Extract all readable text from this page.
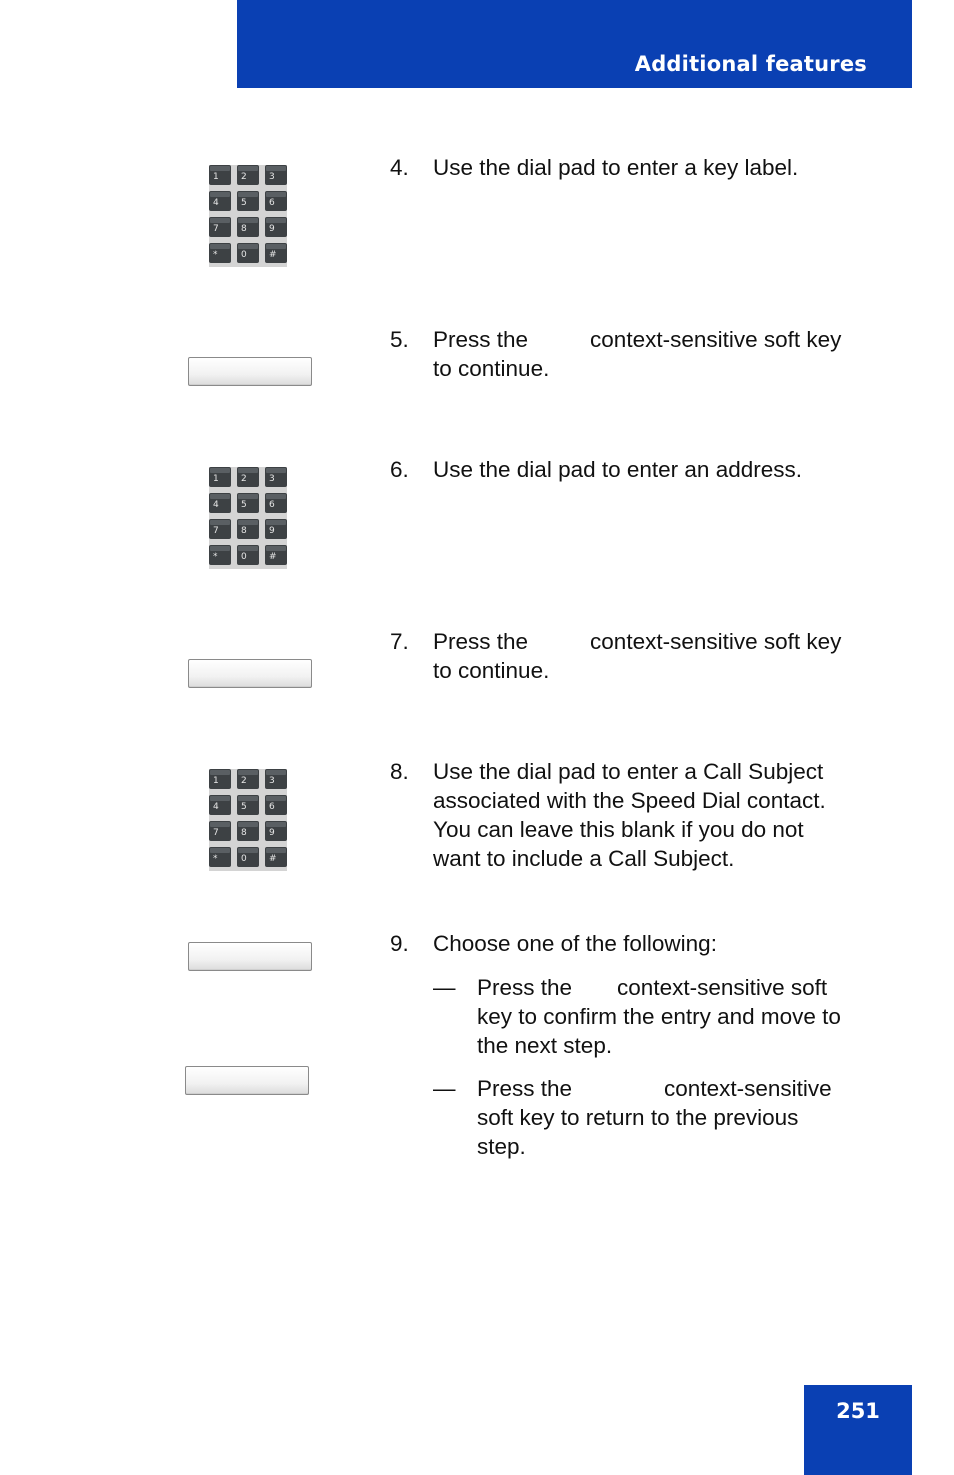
Additional features
1 2 3
4 5 6
7 8 9
*	0 #
4. Use the dial pad to enter a key label.
5. Press the	context-sensitive soft key
to continue.
1 2 3
4 5 6
7 8 9
*	0 #
6. Use the dial pad to enter an address.
7. Press the	context-sensitive soft key
to continue.
1 2 3
4 5 6
7 8 9
*	0 #
8. Use the dial pad to enter a Call Subject
associated with the Speed Dial contact.
You can leave this blank if you do not
want to include a Call Subject.
9. Choose one of the following:
— Press the context-sensitive soft
key to confirm the entry and move to
the next step.
— Press the	context-sensitive
soft key to return to the previous
step.
251
